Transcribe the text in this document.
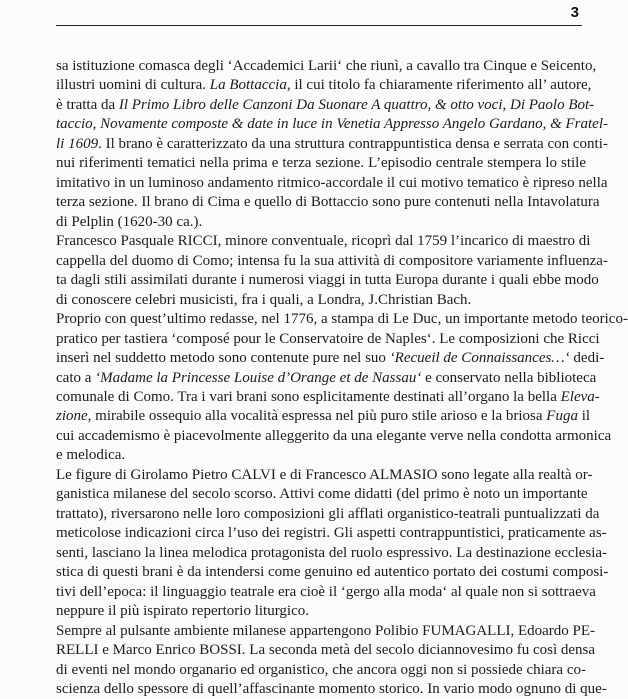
3
sa istituzione comasca degli ‘Accademici Larii‘ che riunì, a cavallo tra Cinque e Seicento,
illustri uomini di cultura. La Bottaccia, il cui titolo fa chiaramente riferimento all’ autore,
è tratta da Il Primo Libro delle Canzoni Da Suonare A quattro, & otto voci, Di Paolo Bot-
taccio, Novamente composte & date in luce in Venetia Appresso Angelo Gardano, & Fratel-
li 1609. Il brano è caratterizzato da una struttura contrappuntistica densa e serrata con conti-
nui riferimenti tematici nella prima e terza sezione. L’episodio centrale stempera lo stile
imitativo in un luminoso andamento ritmico-accordale il cui motivo tematico è ripreso nella
terza sezione. Il brano di Cima e quello di Bottaccio sono pure contenuti nella Intavolatura
di Pelplin (1620-30 ca.).
Francesco Pasquale RICCI, minore conventuale, ricoprì dal 1759 l’incarico di maestro di
cappella del duomo di Como; intensa fu la sua attività di compositore variamente influenza-
ta dagli stili assimilati durante i numerosi viaggi in tutta Europa durante i quali ebbe modo
di conoscere celebri musicisti, fra i quali, a Londra, J.Christian Bach.
Proprio con quest’ultimo redasse, nel 1776, a stampa di Le Duc, un importante metodo teorico-
pratico per tastiera ‘composé pour le Conservatoire de Naples‘. Le composizioni che Ricci
inserì nel suddetto metodo sono contenute pure nel suo ‘Recueil de Connaissances…‘ dedi-
cato a ‘Madame la Princesse Louise d’Orange et de Nassau‘ e conservato nella biblioteca
comunale di Como. Tra i vari brani sono esplicitamente destinati all’organo la bella Eleva-
zione, mirabile ossequio alla vocalità espressa nel più puro stile arioso e la briosa Fuga il
cui accademismo è piacevolmente alleggerito da una elegante verve nella condotta armonica
e melodica.
Le figure di Girolamo Pietro CALVI e di Francesco ALMASIO sono legate alla realtà or-
ganistica milanese del secolo scorso. Attivi come didatti (del primo è noto un importante
trattato), riversarono nelle loro composizioni gli afflati organistico-teatrali puntualizzati da
meticolose indicazioni circa l’uso dei registri. Gli aspetti contrappuntistici, praticamente as-
senti, lasciano la linea melodica protagonista del ruolo espressivo. La destinazione ecclesia-
stica di questi brani è da intendersi come genuino ed autentico portato dei costumi composi-
tivi dell’epoca: il linguaggio teatrale era cioè il ‘gergo alla moda‘ al quale non si sottraeva
neppure il più ispirato repertorio liturgico.
Sempre al pulsante ambiente milanese appartengono Polibio FUMAGALLI, Edoardo PE-
RELLI e Marco Enrico BOSSI. La seconda metà del secolo diciannovesimo fu così densa
di eventi nel mondo organario ed organistico, che ancora oggi non si possiede chiara co-
scienza dello spessore di quell’affascinante momento storico. In vario modo ognuno di que-
